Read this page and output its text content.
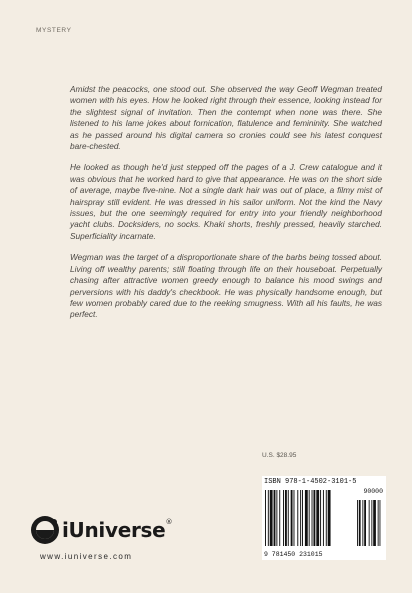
MYSTERY

Amidst the peacocks, one stood out. She observed the way Geoff Wegman treated women with his eyes. How he looked right through their essence, looking instead for the slightest signal of invitation. Then the contempt when none was there. She listened to his lame jokes about fornication, flatulence and femininity. She watched as he passed around his digital camera so cronies could see his latest conquest bare-chested.

He looked as though he'd just stepped off the pages of a J. Crew catalogue and it was obvious that he worked hard to give that appearance. He was on the short side of average, maybe five-nine. Not a single dark hair was out of place, a filmy mist of hairspray still evident. He was dressed in his sailor uniform. Not the kind the Navy issues, but the one seemingly required for entry into your friendly neighborhood yacht clubs. Docksiders, no socks. Khaki shorts, freshly pressed, heavily starched. Superficiality incarnate.

Wegman was the target of a disproportionate share of the barbs being tossed about. Living off wealthy parents; still floating through life on their houseboat. Perpetually chasing after attractive women greedy enough to balance his mood swings and perversions with his daddy's checkbook. He was physically handsome enough, but few women probably cared due to the reeking smugness. With all his faults, he was perfect.

U.S. $28.95
ISBN 978-1-4502-3101-5
90000
9 781450 231015
iUniverse®
www.iuniverse.com
